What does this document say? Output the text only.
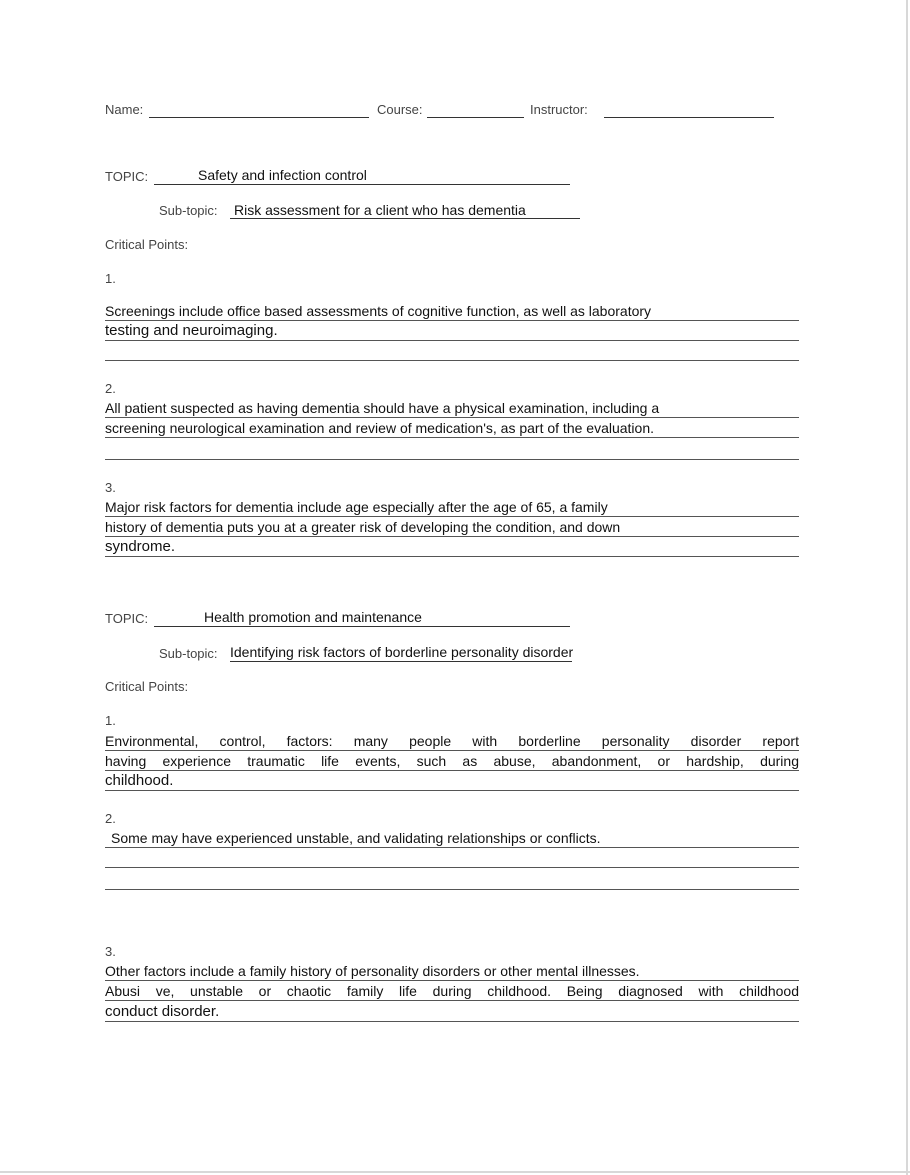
Name:	Course:	Instructor:
TOPIC:	Safety and infection control
Sub-topic: Risk assessment for a client who has dementia
Critical Points:
1.
Screenings include office based assessments of cognitive function, as well as laboratory
testing and neuroimaging.
2.
All patient suspected as having dementia should have a physical examination, including a
screening neurological examination and review of medication's, as part of the evaluation.
3.
Major risk factors for dementia include age especially after the age of 65, a family
history of dementia puts you at a greater risk of developing the condition, and down
syndrome.
TOPIC:	Health promotion and maintenance
Sub-topic: Identifying risk factors of borderline personality disorder
Critical Points:
1.
Environmental, control, factors: many people with borderline personality disorder report
having experience traumatic life events, such as abuse, abandonment, or hardship, during
childhood.
2.
Some may have experienced unstable, and validating relationships or conflicts.
3.
Other factors include a family history of personality disorders or other mental illnesses.
Abusi ve, unstable or chaotic family life during childhood. Being diagnosed with childhood
conduct disorder.
